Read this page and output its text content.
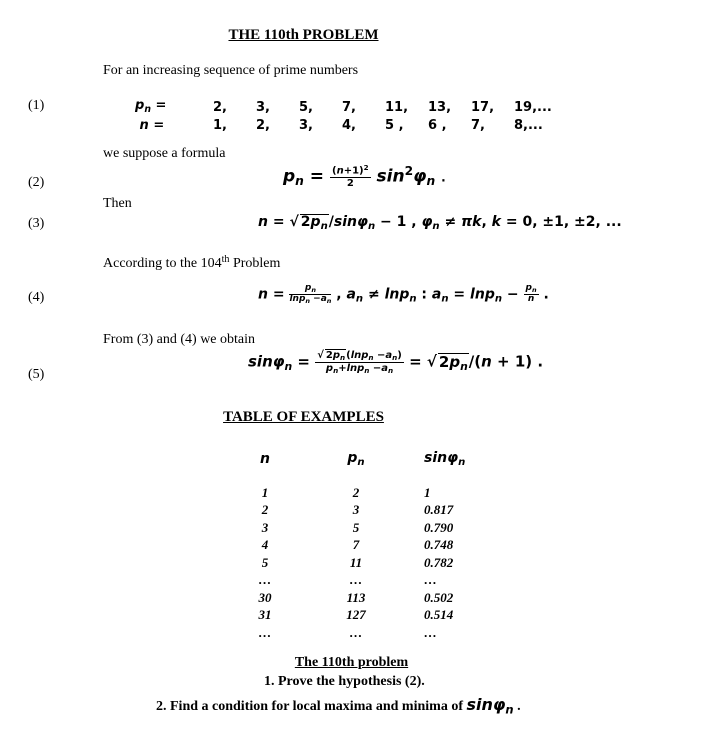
THE 110th PROBLEM
For an increasing sequence of prime numbers
(1)	$p_n$ =	2,	3,	5,	7,	11,	13,	17,	19,...
n =	1,	2,	3,	4,	5 ,	6 ,	7,	8,...
we suppose a formula
(2)	$p_n = \frac{(n+1)^2}{2} \sin^2\varphi_n$ .
Then
(3)	n = √ $2p_n/\sin\varphi_n - 1$ , $\varphi_n \ne \pi k$, k = 0, ±1, ±2, ...
According to the 104th Problem
(4)	$n = \frac{p_n}{\ln p_n -a_n}$ , $a_n \ne \ln p_n$ : $a_n = \ln p_n - \frac{p_n}{n}$ .
From (3) and (4) we obtain
(5)
$\sin\varphi_n = \frac{√ 2p_n(\ln p_n -a_n)}{p_n+\ln p_n -a_n}$ = √ $2p_n/(n + 1)$ .
TABLE OF EXAMPLES
n	$p_n$	sinφ$_n$

1	2	1
2	3	0.817
3	5	0.790
4	7	0.748
5	11	0.782
…	…	…
30	113	0.502
31	127	0.514
…	…	…
The 110th problem
1. Prove the hypothesis (2).
2. Find a condition for local maxima and minima of sinφ$_n$ .
